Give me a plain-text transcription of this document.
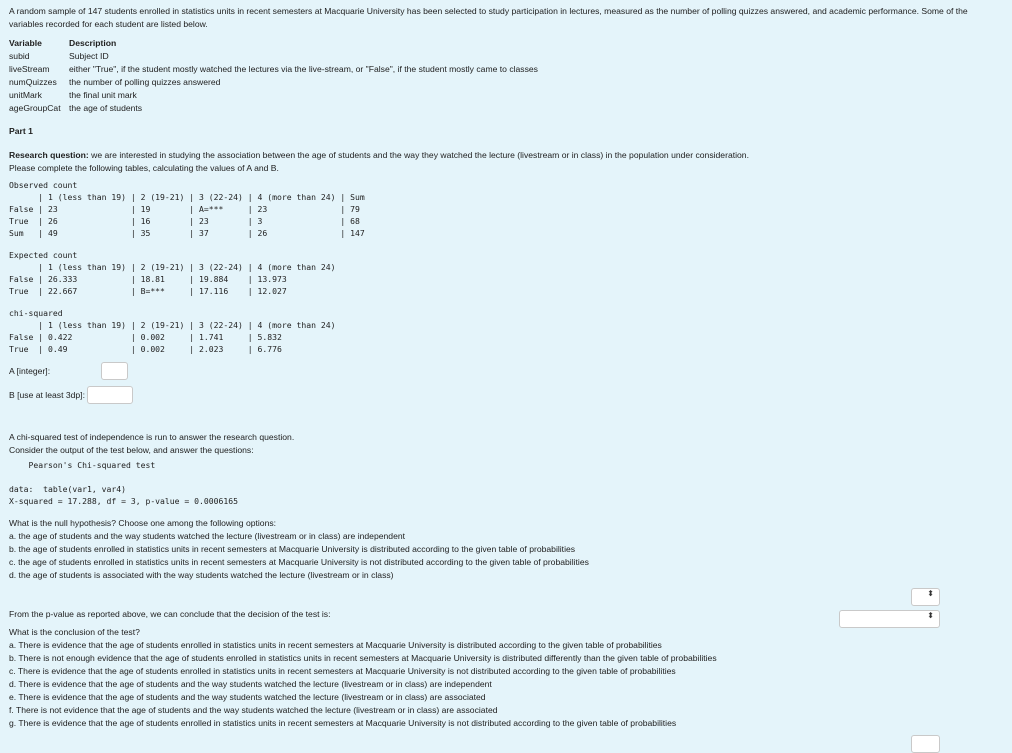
A random sample of 147 students enrolled in statistics units in recent semesters at Macquarie University has been selected to study participation in lectures, measured as the number of polling quizzes answered, and academic performance. Some of the variables recorded for each student are listed below.

Variable	Description
subid	Subject ID
liveStream	either "True", if the student mostly watched the lectures via the live-stream, or "False", if the student mostly came to classes
numQuizzes	the number of polling quizzes answered
unitMark	the final unit mark
ageGroupCat	the age of students

Part 1

Research question: we are interested in studying the association between the age of students and the way they watched the lecture (livestream or in class) in the population under consideration.

Please complete the following tables, calculating the values of A and B.

Observed count
| 1 (less than 19) | 2 (19-21) | 3 (22-24) | 4 (more than 24) | Sum
False | 23               | 19        | A=***     | 23               | 79
True  | 26               | 16        | 23        | 3                | 68
Sum   | 49               | 35        | 37        | 26               | 147
Expected count
| 1 (less than 19) | 2 (19-21) | 3 (22-24) | 4 (more than 24)
False | 26.333           | 18.81     | 19.884    | 13.973
True  | 22.667           | B=***     | 17.116    | 12.027
chi-squared
| 1 (less than 19) | 2 (19-21) | 3 (22-24) | 4 (more than 24)
False | 0.422            | 0.002     | 1.741     | 5.832
True  | 0.49             | 0.002     | 2.023     | 6.776
A [integer]:
B [use at least 3dp]:

A chi-squared test of independence is run to answer the research question.

Consider the output of the test below, and answer the questions:

Pearson's Chi-squared test
data:  table(var1, var4)
X-squared = 17.288, df = 3, p-value = 0.0006165

What is the null hypothesis? Choose one among the following options:

a. the age of students and the way students watched the lecture (livestream or in class) are independent

b. the age of students enrolled in statistics units in recent semesters at Macquarie University is distributed according to the given table of probabilities

c. the age of students enrolled in statistics units in recent semesters at Macquarie University is not distributed according to the given table of probabilities

d. the age of students is associated with the way students watched the lecture (livestream or in class)

From the p-value as reported above, we can conclude that the decision of the test is:

What is the conclusion of the test?

a. There is evidence that the age of students enrolled in statistics units in recent semesters at Macquarie University is distributed according to the given table of probabilities

b. There is not enough evidence that the age of students enrolled in statistics units in recent semesters at Macquarie University is distributed differently than the given table of probabilities

c. There is evidence that the age of students enrolled in statistics units in recent semesters at Macquarie University is not distributed according to the given table of probabilities

d. There is evidence that the age of students and the way students watched the lecture (livestream or in class) are independent

e. There is evidence that the age of students and the way students watched the lecture (livestream or in class) are associated

f. There is not evidence that the age of students and the way students watched the lecture (livestream or in class) are associated

g. There is evidence that the age of students enrolled in statistics units in recent semesters at Macquarie University is not distributed according to the given table of probabilities

⬍
⬍
